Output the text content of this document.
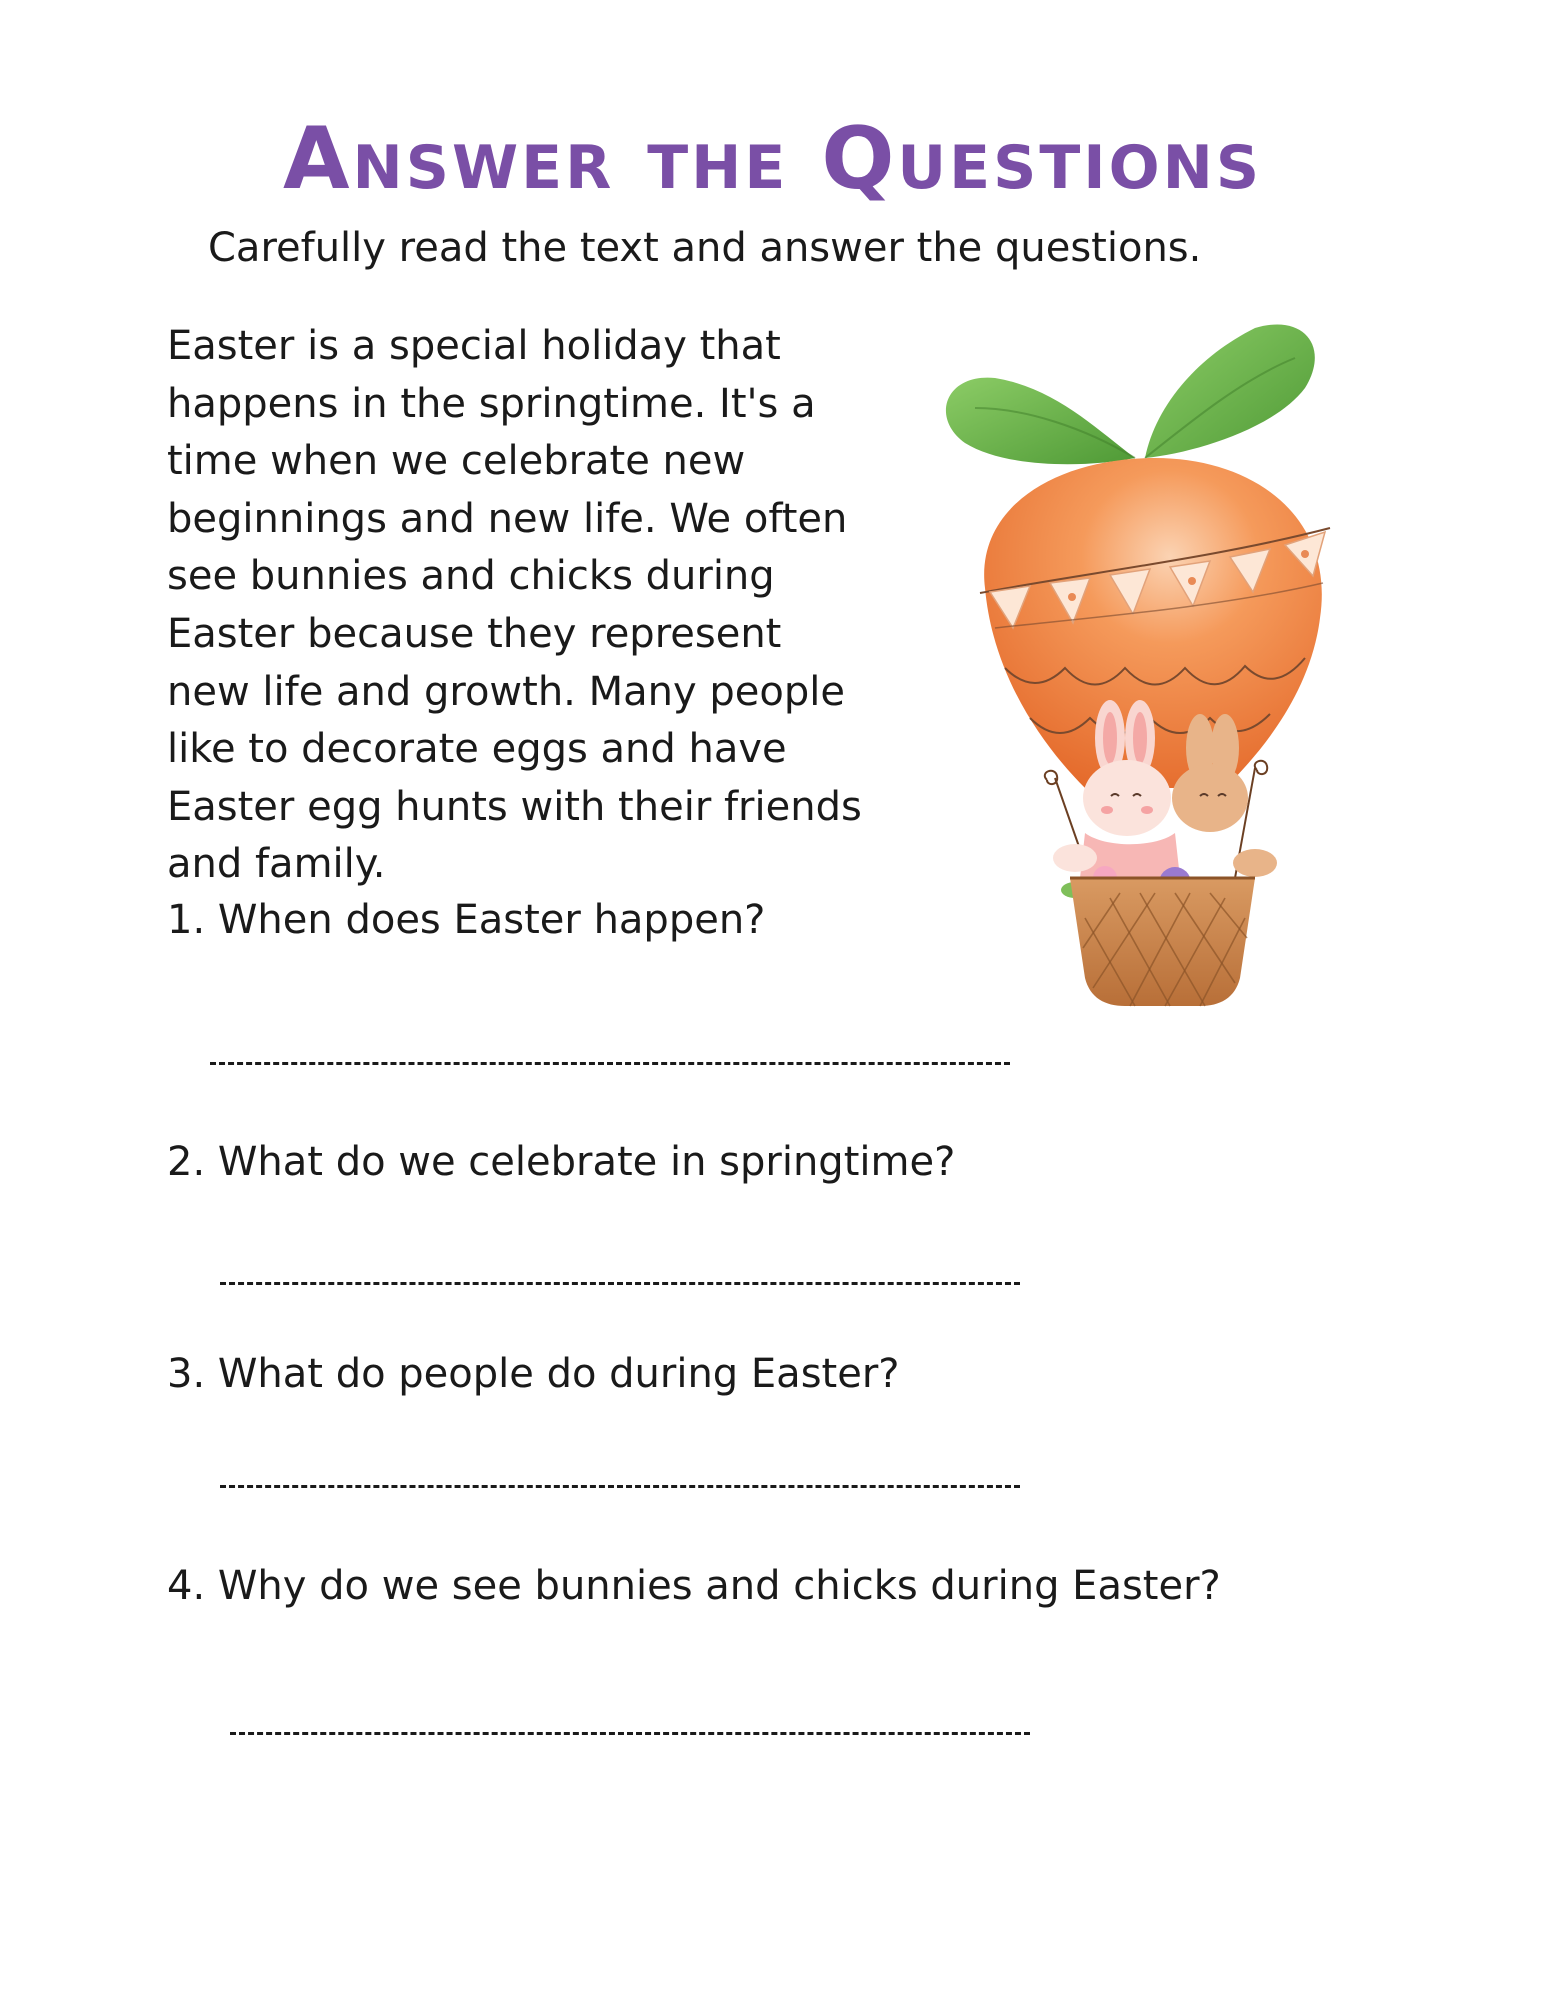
Answer the Questions

Carefully read the text and answer the questions.

Easter is a special holiday that
happens in the springtime. It's a
time when we celebrate new
beginnings and new life. We often
see bunnies and chicks during
Easter because they represent
new life and growth. Many people
like to decorate eggs and have
Easter egg hunts with their friends
and family.

1. When does Easter happen?

2. What do we celebrate in springtime?

3. What do people do during Easter?

4. Why do we see bunnies and chicks during Easter?
